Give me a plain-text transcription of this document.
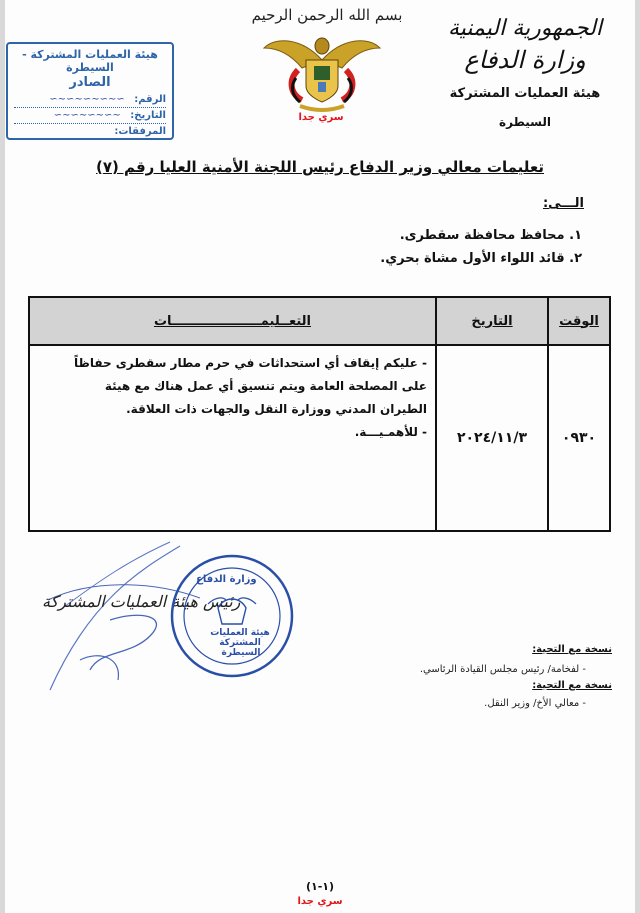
بسم الله الرحمن الرحيم
سري جدا
الجمهورية اليمنية
وزارة الدفاع
هيئة العمليات المشتركة
السيطرة
هيئة العمليات المشتركة - السيطرة
الصادر
الرقم: ∼∽∼∽∼∽∼∽∼
التاريخ: ∽∼∽∼∽∼∽∼
المرفقات:
تعليمات معالي وزير الدفاع رئيس اللجنة الأمنية العليا رقم (٧)
الـــى:
١. محافظ محافظة سقطرى.
٢. قائد اللواء الأول مشاة بحري.
الوقت	التاريخ	التعــليمــــــــــــــــــــات
٠٩٣٠	٢٠٢٤/١١/٣	- عليكم إيقاف أي استحداثات في حرم مطار سقطرى حفاظاً
على المصلحة العامة ويتم تنسيق أي عمل هناك مع هيئة
الطيران المدني ووزارة النقل والجهات ذات العلاقة.
- للأهمـيـــة.
رئيس هيئة العمليات المشتركة
وزارة الدفاع
هيئة العمليات المشتركة
السيطرة	نسخة مع التحية:
- لفخامة/ رئيس مجلس القيادة الرئاسي.
نسخة مع التحية:
- معالي الأخ/ وزير النقل.
(١-١)
سري جدا
